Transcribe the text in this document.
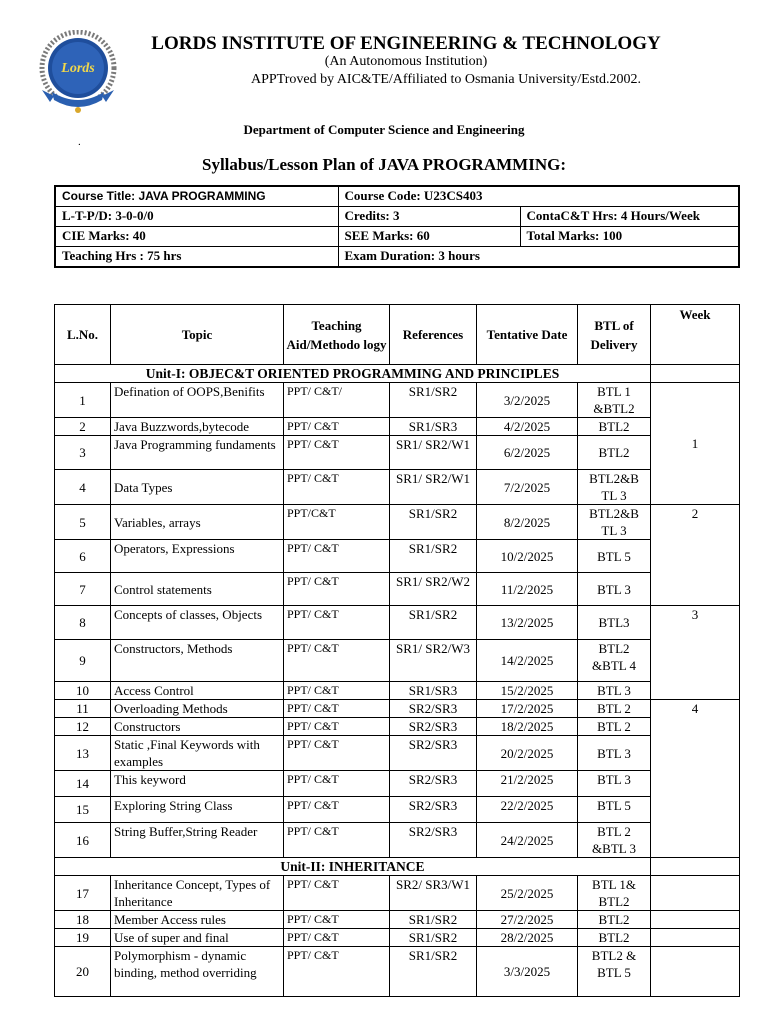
Lords
LORDS INSTITUTE OF ENGINEERING & TECHNOLOGY
(An Autonomous Institution)
APPTroved by AIC&TE/Affiliated to Osmania University/Estd.2002.
Department of Computer Science and Engineering
.
Syllabus/Lesson Plan of JAVA PROGRAMMING:
Course Title: JAVA PROGRAMMING	Course Code: U23CS403	
L-T-P/D: 3-0-0/0	Credits: 3	ContaC&T Hrs: 4 Hours/Week
CIE Marks: 40	SEE Marks: 60	Total Marks: 100
Teaching Hrs : 75 hrs	Exam Duration: 3 hours	
L.No.	Topic	Teaching Aid/Methodo logy	References	Tentative Date	BTL of Delivery	Week
Unit-I: OBJEC&T ORIENTED PROGRAMMING AND PRINCIPLES						
1	Defination of OOPS,Benifits	PPT/ C&T/	SR1/SR2	3/2/2025	BTL 1 &BTL2	1
2	Java Buzzwords,bytecode	PPT/ C&T	SR1/SR3	4/2/2025	BTL2	
3	Java Programming fundaments	PPT/ C&T	SR1/ SR2/W1	6/2/2025	BTL2	
4	Data Types	PPT/ C&T	SR1/ SR2/W1	7/2/2025	BTL2&B TL 3	
5	Variables, arrays	PPT/C&T	SR1/SR2	8/2/2025	BTL2&B TL 3	2
6	Operators, Expressions	PPT/ C&T	SR1/SR2	10/2/2025	BTL 5	
7	Control statements	PPT/ C&T	SR1/ SR2/W2	11/2/2025	BTL 3	
8	Concepts of classes, Objects	PPT/ C&T	SR1/SR2	13/2/2025	BTL3	3
9	Constructors, Methods	PPT/ C&T	SR1/ SR2/W3	14/2/2025	BTL2 &BTL 4	
10	Access Control	PPT/ C&T	SR1/SR3	15/2/2025	BTL 3	
11	Overloading Methods	PPT/ C&T	SR2/SR3	17/2/2025	BTL 2	4
12	Constructors	PPT/ C&T	SR2/SR3	18/2/2025	BTL 2	
13	Static ,Final Keywords with examples	PPT/ C&T	SR2/SR3	20/2/2025	BTL 3	
14	This keyword	PPT/ C&T	SR2/SR3	21/2/2025	BTL 3	
15	Exploring String Class	PPT/ C&T	SR2/SR3	22/2/2025	BTL 5	
16	String Buffer,String Reader	PPT/ C&T	SR2/SR3	24/2/2025	BTL 2 &BTL 3	
Unit-II: INHERITANCE						
17	Inheritance Concept, Types of Inheritance	PPT/ C&T	SR2/ SR3/W1	25/2/2025	BTL 1& BTL2	
18	Member Access rules	PPT/ C&T	SR1/SR2	27/2/2025	BTL2	
19	Use of super and final	PPT/ C&T	SR1/SR2	28/2/2025	BTL2	
20	Polymorphism - dynamic binding, method overriding	PPT/ C&T	SR1/SR2	3/3/2025	BTL2 & BTL 5	
